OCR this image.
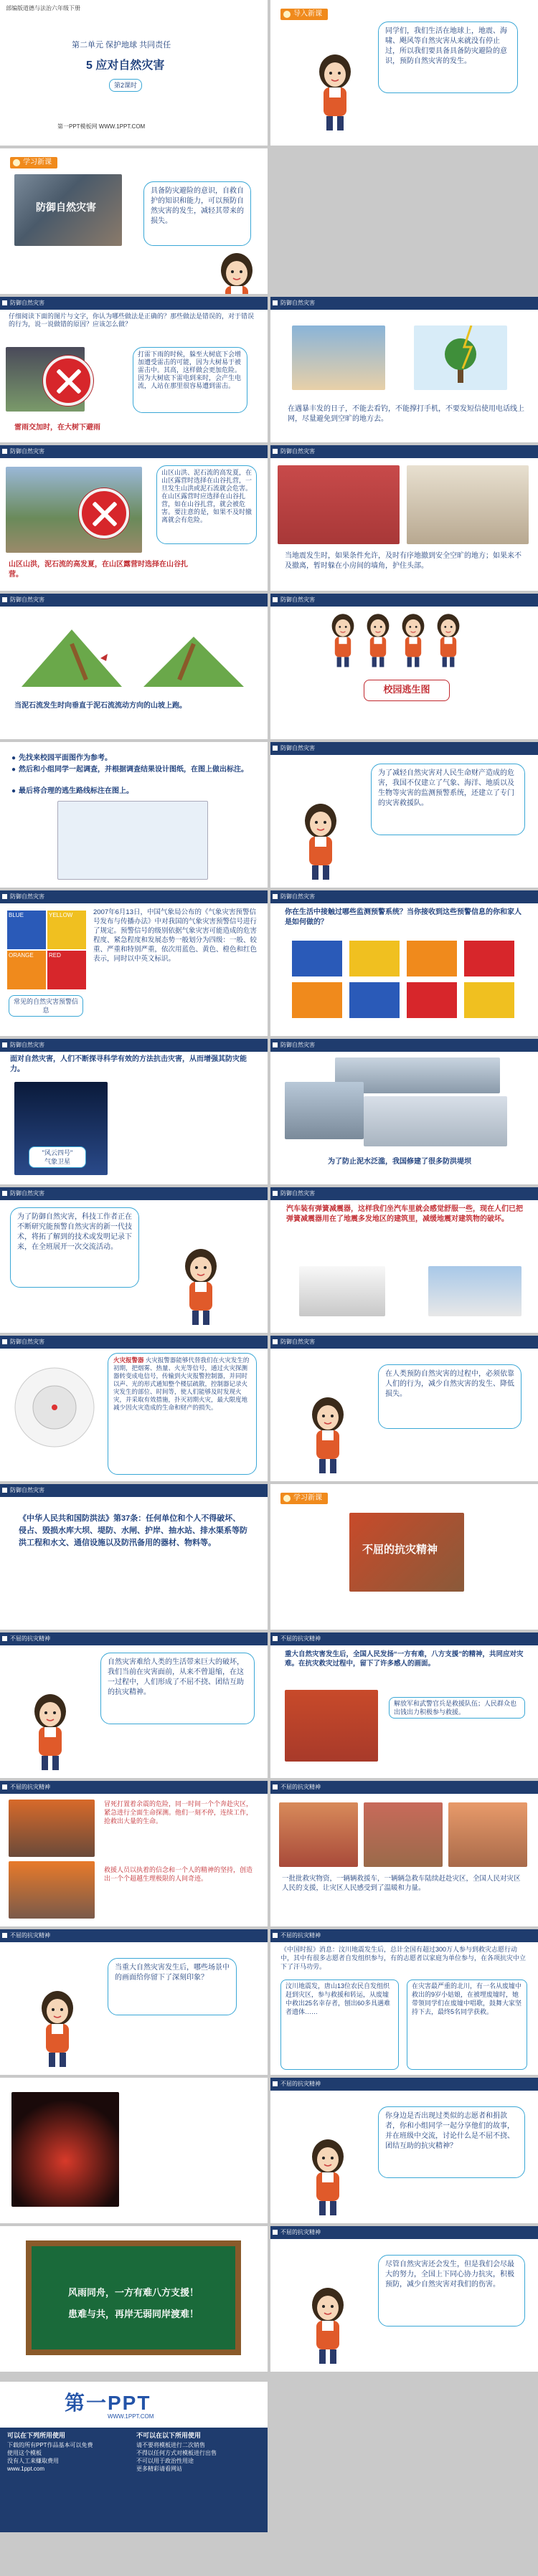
部编版道德与法治六年级下册
第二单元 保护地球 共同责任
5 应对自然灾害
第2课时
第一PPT模板网 WWW.1PPT.COM
导入新课
同学们，我们生活在地球上，地震、海啸、飓风等自然灾害从来就没有停止过，所以我们要具备具备防灾避险的意识，预防自然灾害的发生。
学习新课
防御自然灾害
具备防灾避险的意识，自救自护的知识和能力，可以预防自然灾害的发生，减轻其带来的损失。
防御自然灾害
仔细阅读下面的图片与文字，你认为哪些做法是正确的？那些做法是错误的，对于错误的行为，说一说做错的原因？应该怎么做？
打雷下雨的时候，躲至大树底下会增加遭受雷击的可能，因为大树易于被雷击中。其高，这样做会更加危险。因为大树底下雷电到来时，会产生电流，人站在那里很容易遭到雷击。
雷雨交加时，在大树下避雨
防御自然灾害
在遇暴丰发的日子，不能去看钓，不能撑打手机，不要发短信使用电话线上网，尽量避免到空旷的地方去。
防御自然灾害
山区山洪、泥石流的高发夏，在山区露营时选择在山谷扎营，一旦发生山洪或泥石流就会危害。在山区露营时应选择在山谷扎营，如在山谷扎营，就会被危害。要注意的是，如果不及时撤离就会有危险。
山区山洪，泥石流的高发夏，在山区露营时选择在山谷扎营。
防御自然灾害
当地震发生时，如果条件允许，及时有序地撤到安全空旷的地方；如果来不及撤离，暂时躲在小房间的墙角，护住头部。
防御自然灾害
当泥石流发生时向垂直于泥石流流动方向的山坡上跑。
防御自然灾害
校园逃生图
● 先找来校园平面图作为参考。
● 然后和小组同学一起调查，并根据调查结果设计图纸，在图上做出标注。
● 最后将合理的逃生路线标注在图上。
防御自然灾害
为了减轻自然灾害对人民生命财产造成的危害，我国不仅建立了气象、海洋、地质以及生物等灾害的监测预警系统，还建立了专门的灾害救援队。
防御自然灾害
BLUE	YELLOW
ORANGE	RED
常见的自然灾害预警信息
2007年6月13日，中国气象局公布的《气象灾害预警信号发布与传播办法》中对我国的气象灾害预警信号进行了规定。预警信号的级别依据气象灾害可能造成的危害程度、紧急程度和发展态势一般划分为四级：一般、较重、严重和特别严重，依次用蓝色、黄色、橙色和红色表示，同时以中英文标识。
防御自然灾害
你在生活中接触过哪些监测预警系统？当你接收到这些预警信息的你和家人是如何做的？
防御自然灾害
面对自然灾害，人们不断探寻科学有效的方法抗击灾害，从而增强其防灾能力。
"风云四号"
气象卫星
防御自然灾害
为了防止泥水泛滥，我国修建了很多防洪堤坝
防御自然灾害
为了防御自然灾害，科技工作者正在不断研究能预警自然灾害的新一代技术，将拓了解到的技术或发明记录下来，在全班展开一次交流活动。
防御自然灾害
汽车装有弹簧减震器，这样我们坐汽车里就会感觉舒服一些，现在人们已把弹簧减震器用在了地震多发地区的建筑里，减缓地震对建筑物的破坏。
防御自然灾害
火灾报警器 火灾报警器能够代替我们在火灾发生的初期，把烟雾、热量、火光等信号，通过火灾探测器转变成电信号，传输到火灾报警控制器，并同时以声、光的形式通知整个楼层疏散，控制器记录火灾发生的部位、时间等，使人们能够及时发现火灾，并采取有效措施，扑灭初期火灾，最大限度地减少因火灾造成的生命和财产的损失。
防御自然灾害
在人类预防自然灾害的过程中，必须依靠人们的行为，减少自然灾害的发生、降低损失。
防御自然灾害
《中华人民共和国防洪法》第37条：任何单位和个人不得破坏、侵占、毁损水库大坝、堤防、水闸、护岸、抽水站、排水渠系等防洪工程和水文、通信设施以及防汛备用的器材、物料等。
学习新课
不屈的抗灾精神
不屈的抗灾精神
自然灾害难给人类的生活带来巨大的破坏，我们当前在灾害面前，从来不曾退缩，在这一过程中，人们形成了不屈不挠、团结互助的抗灾精神。
不屈的抗灾精神
重大自然灾害发生后，全国人民发扬“一方有难，八方支援”的精神，共同应对灾难。在抗灾救灾过程中，留下了许多感人的画面。
解放军和武警官兵是救援队伍；人民群众也出钱出力积极参与救援。
不屈的抗灾精神
冒死打置着余震的危险，同一时间一个个奔赴灾区，紧急进行全面生命探测。他们一刻不停，连续工作，抢救出大量的生命。
救援人员以执着的信念和一个人的精神的坚持，创造出一个个超越生理极限的人间奇迹。
不屈的抗灾精神
一批批救灾物资，一辆辆救援车，一辆辆急救车陆续赶赴灾区，全国人民对灾区人民的支援，让灾区人民感受到了温暖和力量。
不屈的抗灾精神
当重大自然灾害发生后，哪些场景中的画面给你留下了深刻印象？
不屈的抗灾精神
《中国时报》消息：汶川地震发生后，总计全国有超过300万人参与到救灾志愿行动中，其中有很多志愿者自发组织参与，有的志愿者以家庭为单位参与，在各项抗灾中立下了汗马功劳。
汶川地震发，唐山13位农民自发组织赶到灾区，参与救援和转运，从废墟中救出25名幸存者，刨出60多具遇难者遗体……
在灾害最严重的北川，有一名从废墟中救出的9岁小姑娘，在被埋废墟时，她带领同学们在废墟中唱歌，鼓舞大家坚持下去，最终5名同学获救。
不屈的抗灾精神
你身边是否出现过类似的志愿者和捐款者，你和小组同学一起分享他们的故事，并在班级中交流，讨论什么是不屈不挠、团结互助的抗灾精神？
不屈的抗灾精神
尽管自然灾害还会发生，但是我们会尽最大的努力，全国上下同心协力抗灾，积极预防，减少自然灾害对我们的伤害。
风雨同舟，一方有难八方支援！
患难与共，再岸无弱同岸渡难！
第一PPT
WWW.1PPT.COM
可以在下列所用使用
下载的所有PPT作品基本可以免费
使用这个模板
没有人工来赚取费用
www.1ppt.com
不可以在以下所用使用
请不要将模板进行二次销售
不得以任何方式对模板进行出售
不可以用于政治性用途
更多精彩请看网站
